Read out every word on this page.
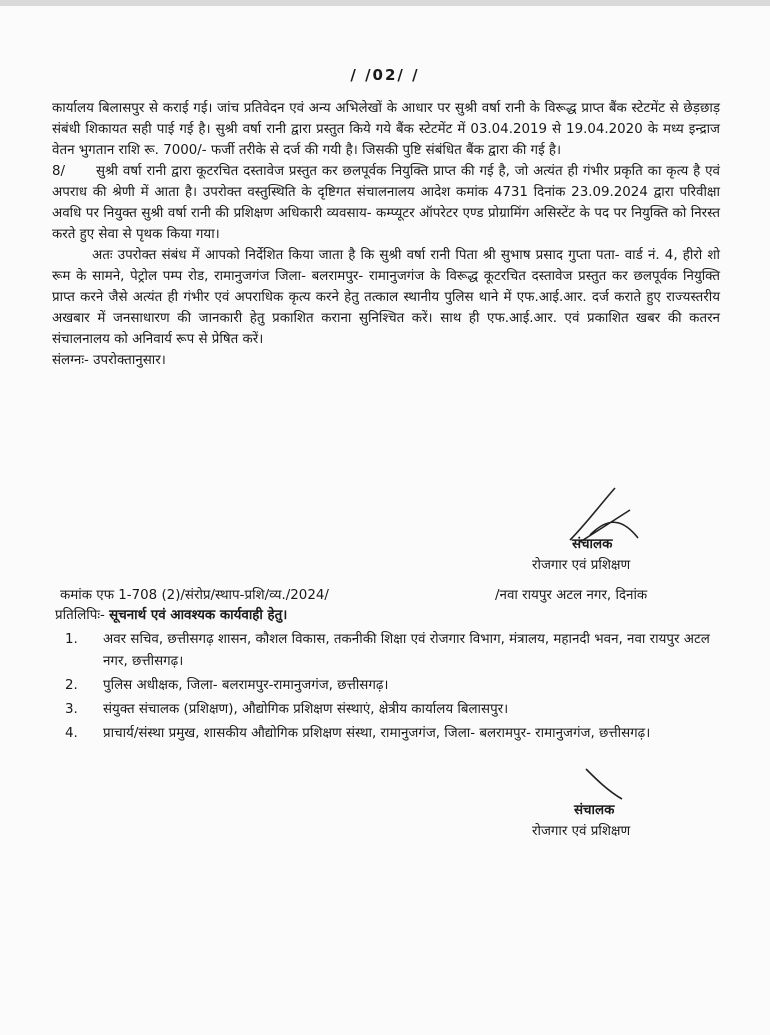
/ /02/ /

कार्यालय बिलासपुर से कराई गई। जांच प्रतिवेदन एवं अन्य अभिलेखों के आधार पर सुश्री वर्षा रानी के विरूद्ध प्राप्त बैंक स्टेटमेंट से छेड़छाड़ संबंधी शिकायत सही पाई गई है। सुश्री वर्षा रानी द्वारा प्रस्तुत किये गये बैंक स्टेटमेंट में 03.04.2019 से 19.04.2020 के मध्य इन्द्राज वेतन भुगतान राशि रू. 7000/- फर्जी तरीके से दर्ज की गयी है। जिसकी पुष्टि संबंधित बैंक द्वारा की गई है।

8/ सुश्री वर्षा रानी द्वारा कूटरचित दस्तावेज प्रस्तुत कर छलपूर्वक नियुक्ति प्राप्त की गई है, जो अत्यंत ही गंभीर प्रकृति का कृत्य है एवं अपराध की श्रेणी में आता है। उपरोक्त वस्तुस्थिति के दृष्टिगत संचालनालय आदेश कमांक 4731 दिनांक 23.09.2024 द्वारा परिवीक्षा अवधि पर नियुक्त सुश्री वर्षा रानी की प्रशिक्षण अधिकारी व्यवसाय- कम्प्यूटर ऑपरेटर एण्ड प्रोग्रामिंग असिस्टेंट के पद पर नियुक्ति को निरस्त करते हुए सेवा से पृथक किया गया।

अतः उपरोक्त संबंध में आपको निर्देशित किया जाता है कि सुश्री वर्षा रानी पिता श्री सुभाष प्रसाद गुप्ता पता- वार्ड नं. 4, हीरो शो रूम के सामने, पेट्रोल पम्प रोड, रामानुजगंज जिला- बलरामपुर- रामानुजगंज के विरूद्ध कूटरचित दस्तावेज प्रस्तुत कर छलपूर्वक नियुक्ति प्राप्त करने जैसे अत्यंत ही गंभीर एवं अपराधिक कृत्य करने हेतु तत्काल स्थानीय पुलिस थाने में एफ.आई.आर. दर्ज कराते हुए राज्यस्तरीय अखबार में जनसाधारण की जानकारी हेतु प्रकाशित कराना सुनिश्चित करें। साथ ही एफ.आई.आर. एवं प्रकाशित खबर की कतरन संचालनालय को अनिवार्य रूप से प्रेषित करें।

संलग्नः- उपरोक्तानुसार।

संचालक
रोजगार एवं प्रशिक्षण
कमांक एफ 1-708 (2)/संरोप्र/स्थाप-प्रशि/व्य./2024/	/नवा रायपुर अटल नगर, दिनांक
प्रतिलिपिः- सूचनार्थ एवं आवश्यक कार्यवाही हेतु।
1. अवर सचिव, छत्तीसगढ़ शासन, कौशल विकास, तकनीकी शिक्षा एवं रोजगार विभाग, मंत्रालय, महानदी भवन, नवा रायपुर अटल नगर, छत्तीसगढ़।
2. पुलिस अधीक्षक, जिला- बलरामपुर-रामानुजगंज, छत्तीसगढ़।
3. संयुक्त संचालक (प्रशिक्षण), औद्योगिक प्रशिक्षण संस्थाएं, क्षेत्रीय कार्यालय बिलासपुर।
4. प्राचार्य/संस्था प्रमुख, शासकीय औद्योगिक प्रशिक्षण संस्था, रामानुजगंज, जिला- बलरामपुर- रामानुजगंज, छत्तीसगढ़।
संचालक
रोजगार एवं प्रशिक्षण
